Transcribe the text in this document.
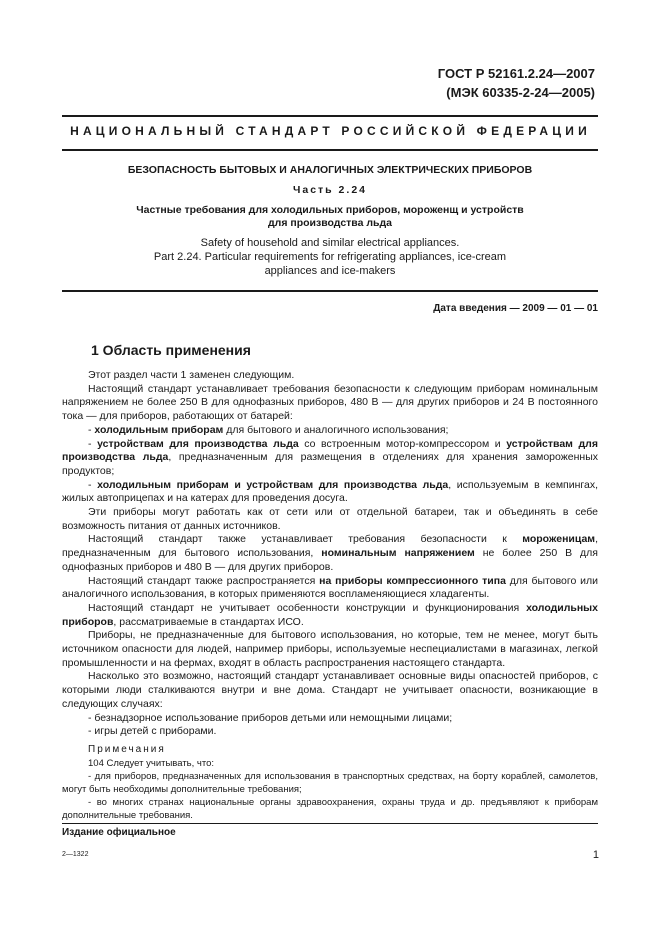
ГОСТ Р 52161.2.24—2007
(МЭК 60335-2-24—2005)
НАЦИОНАЛЬНЫЙ СТАНДАРТ РОССИЙСКОЙ ФЕДЕРАЦИИ
БЕЗОПАСНОСТЬ БЫТОВЫХ И АНАЛОГИЧНЫХ ЭЛЕКТРИЧЕСКИХ ПРИБОРОВ
Часть 2.24
Частные требования для холодильных приборов, мороженщ и устройств
для производства льда
Safety of household and similar electrical appliances.
Part 2.24. Particular requirements for refrigerating appliances, ice-cream
appliances and ice-makers
Дата введения — 2009 — 01 — 01
1 Область применения

Этот раздел части 1 заменен следующим.

Настоящий стандарт устанавливает требования безопасности к следующим приборам номинальным напряжением не более 250 В для однофазных приборов, 480 В — для других приборов и 24 В постоянного тока — для приборов, работающих от батарей:

- холодильным приборам для бытового и аналогичного использования;

- устройствам для производства льда со встроенным мотор-компрессором и устройствам для производства льда, предназначенным для размещения в отделениях для хранения замороженных продуктов;

- холодильным приборам и устройствам для производства льда, используемым в кемпингах, жилых автоприцепах и на катерах для проведения досуга.

Эти приборы могут работать как от сети или от отдельной батареи, так и объединять в себе возможность питания от данных источников.

Настоящий стандарт также устанавливает требования безопасности к мороженицам, предназначенным для бытового использования, номинальным напряжением не более 250 В для однофазных приборов и 480 В — для других приборов.

Настоящий стандарт также распространяется на приборы компрессионного типа для бытового или аналогичного использования, в которых применяются воспламеняющиеся хладагенты.

Настоящий стандарт не учитывает особенности конструкции и функционирования холодильных приборов, рассматриваемые в стандартах ИСО.

Приборы, не предназначенные для бытового использования, но которые, тем не менее, могут быть источником опасности для людей, например приборы, используемые неспециалистами в магазинах, легкой промышленности и на фермах, входят в область распространения настоящего стандарта.

Насколько это возможно, настоящий стандарт устанавливает основные виды опасностей приборов, с которыми люди сталкиваются внутри и вне дома. Стандарт не учитывает опасности, возникающие в следующих случаях:

- безнадзорное использование приборов детьми или немощными лицами;

- игры детей с приборами.

Примечания

104 Следует учитывать, что:

- для приборов, предназначенных для использования в транспортных средствах, на борту кораблей, самолетов, могут быть необходимы дополнительные требования;

- во многих странах национальные органы здравоохранения, охраны труда и др. предъявляют к приборам дополнительные требования.

Издание официальное
2—1322	1
